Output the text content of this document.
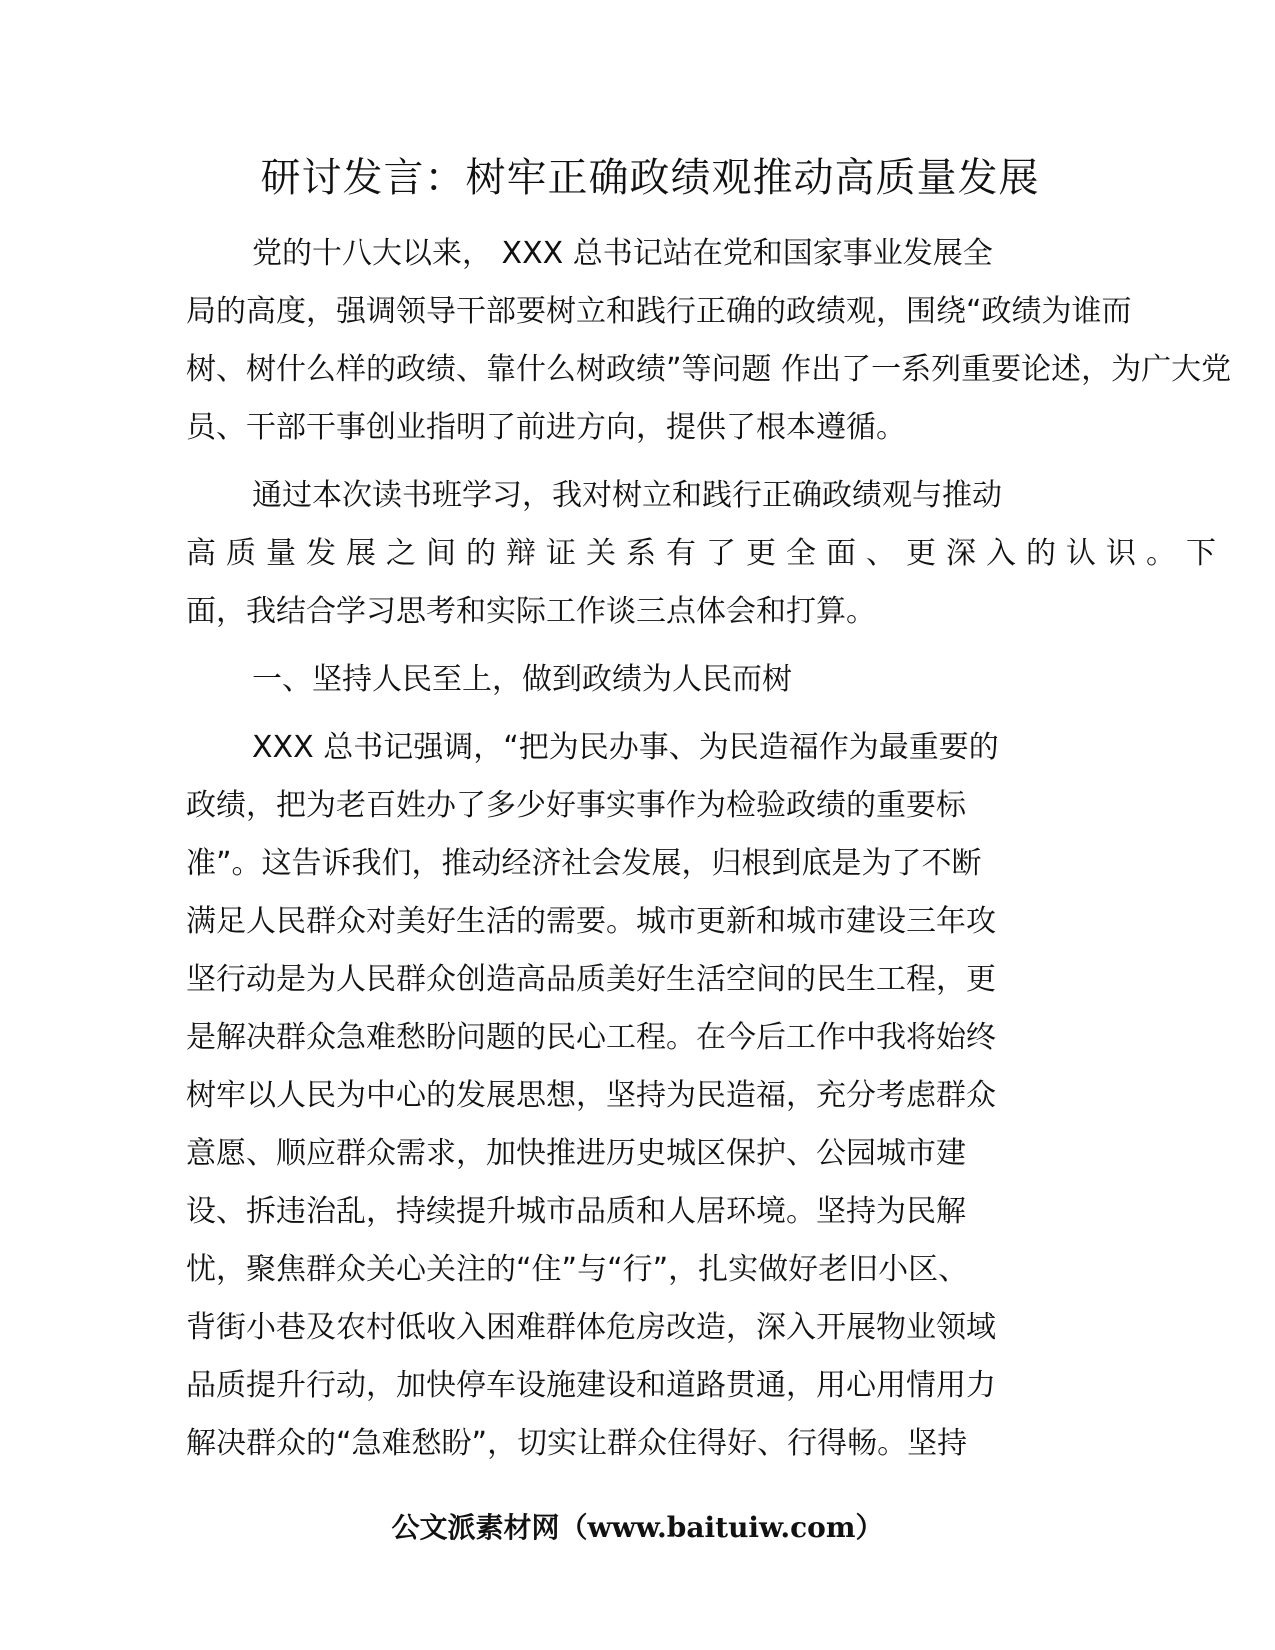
研讨发言：树牢正确政绩观推动高质量发展
党的十八大以来， XXX 总书记站在党和国家事业发展全
局的高度，强调领导干部要树立和践行正确的政绩观，围绕“政绩为谁而
树、树什么样的政绩、靠什么树政绩”等问题 作出了一系列重要论述，为广大党
员、干部干事创业指明了前进方向，提供了根本遵循。
通过本次读书班学习，我对树立和践行正确政绩观与推动
高质量发展之间的辩证关系有了更全面、更深入的认识。下
面，我结合学习思考和实际工作谈三点体会和打算。
一、坚持人民至上，做到政绩为人民而树
XXX 总书记强调，“把为民办事、为民造福作为最重要的
政绩，把为老百姓办了多少好事实事作为检验政绩的重要标
准”。这告诉我们，推动经济社会发展，归根到底是为了不断
满足人民群众对美好生活的需要。城市更新和城市建设三年攻
坚行动是为人民群众创造高品质美好生活空间的民生工程，更
是解决群众急难愁盼问题的民心工程。在今后工作中我将始终
树牢以人民为中心的发展思想，坚持为民造福，充分考虑群众
意愿、顺应群众需求，加快推进历史城区保护、公园城市建
设、拆违治乱，持续提升城市品质和人居环境。坚持为民解
忧，聚焦群众关心关注的“住”与“行”，扎实做好老旧小区、
背街小巷及农村低收入困难群体危房改造，深入开展物业领域
品质提升行动，加快停车设施建设和道路贯通，用心用情用力
解决群众的“急难愁盼”，切实让群众住得好、行得畅。坚持
公文派素材网（www.baituiw.com）
